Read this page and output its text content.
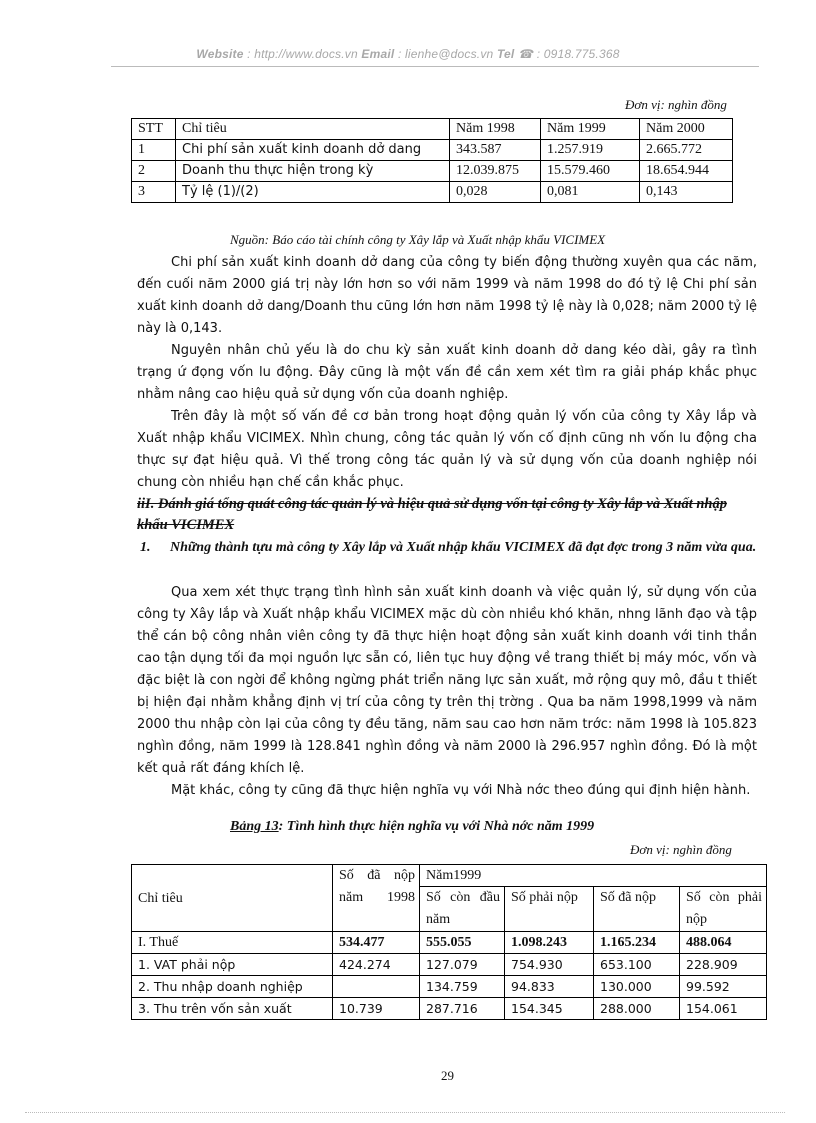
Website : http://www.docs.vn Email : lienhe@docs.vn Tel ☎ : 0918.775.368
Đơn vị: nghìn đồng
STT	Chỉ tiêu	Năm 1998	Năm 1999	Năm 2000
1	Chi phí sản xuất kinh doanh dở dang	343.587	1.257.919	2.665.772
2	Doanh thu thực hiện trong kỳ	12.039.875	15.579.460	18.654.944
3	Tỷ lệ (1)/(2)	0,028	0,081	0,143
Nguồn: Báo cáo tài chính công ty Xây lắp và Xuất nhập khẩu VICIMEX

Chi phí sản xuất kinh doanh dở dang của công ty biến động thường xuyên qua các năm, đến cuối năm 2000 giá trị này lớn hơn so với năm 1999 và năm 1998 do đó tỷ lệ Chi phí sản xuất kinh doanh dở dang/Doanh thu cũng lớn hơn năm 1998 tỷ lệ này là 0,028; năm 2000 tỷ lệ này là 0,143.

Nguyên nhân chủ yếu là do chu kỳ sản xuất kinh doanh dở dang kéo dài, gây ra tình trạng ứ đọng vốn lu động. Đây cũng là một vấn đề cần xem xét tìm ra giải pháp khắc phục nhằm nâng cao hiệu quả sử dụng vốn của doanh nghiệp.

Trên đây là một số vấn đề cơ bản trong hoạt động quản lý vốn của công ty Xây lắp và Xuất nhập khẩu VICIMEX. Nhìn chung, công tác quản lý vốn cố định cũng nh vốn lu động cha thực sự đạt hiệu quả. Vì thế trong công tác quản lý và sử dụng vốn của doanh nghiệp nói chung còn nhiều hạn chế cần khắc phục.

iiI. Đánh giá tổng quát công tác quản lý và hiệu quả sử dụng vốn tại công ty Xây lắp và Xuất nhập khẩu VICIMEX
1. Những thành tựu mà công ty Xây lắp và Xuất nhập khẩu VICIMEX đã đạt đợc trong 3 năm vừa qua.

Qua xem xét thực trạng tình hình sản xuất kinh doanh và việc quản lý, sử dụng vốn của công ty Xây lắp và Xuất nhập khẩu VICIMEX mặc dù còn nhiều khó khăn, nhng lãnh đạo và tập thể cán bộ công nhân viên công ty đã thực hiện hoạt động sản xuất kinh doanh với tinh thần cao tận dụng tối đa mọi nguồn lực sẵn có, liên tục huy động về trang thiết bị máy móc, vốn và đặc biệt là con ngời để không ngừng phát triển năng lực sản xuất, mở rộng quy mô, đầu t thiết bị hiện đại nhằm khẳng định vị trí của công ty trên thị trờng . Qua ba năm 1998,1999 và năm 2000 thu nhập còn lại của công ty đều tăng, năm sau cao hơn năm trớc: năm 1998 là 105.823 nghìn đồng, năm 1999 là 128.841 nghìn đồng và năm 2000 là 296.957 nghìn đồng. Đó là một kết quả rất đáng khích lệ.

Mặt khác, công ty cũng đã thực hiện nghĩa vụ với Nhà nớc theo đúng qui định hiện hành.

Bảng 13: Tình hình thực hiện nghĩa vụ với Nhà nớc năm 1999
Đơn vị: nghìn đồng
Chỉ tiêu	Số đã nộp năm 1998	Năm1999			
		Số còn đầu năm	Số phải nộp	Số đã nộp	Số còn phải nộp
I. Thuế	534.477	555.055	1.098.243	1.165.234	488.064
1. VAT phải nộp	424.274	127.079	754.930	653.100	228.909
2. Thu nhập doanh nghiệp		134.759	94.833	130.000	99.592
3. Thu trên vốn sản xuất	10.739	287.716	154.345	288.000	154.061
29
